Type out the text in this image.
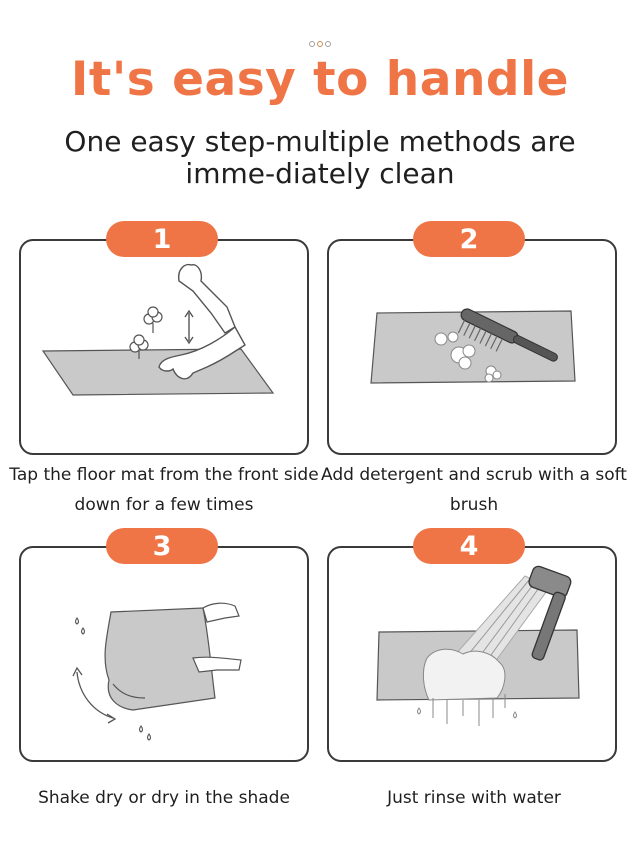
It's easy to handle
One easy step-multiple methods are imme-diately clean
1
Tap the floor mat from the front side down for a few times
2
Add detergent and scrub with a soft brush
3
Shake dry or dry in the shade
4
Just rinse with water
